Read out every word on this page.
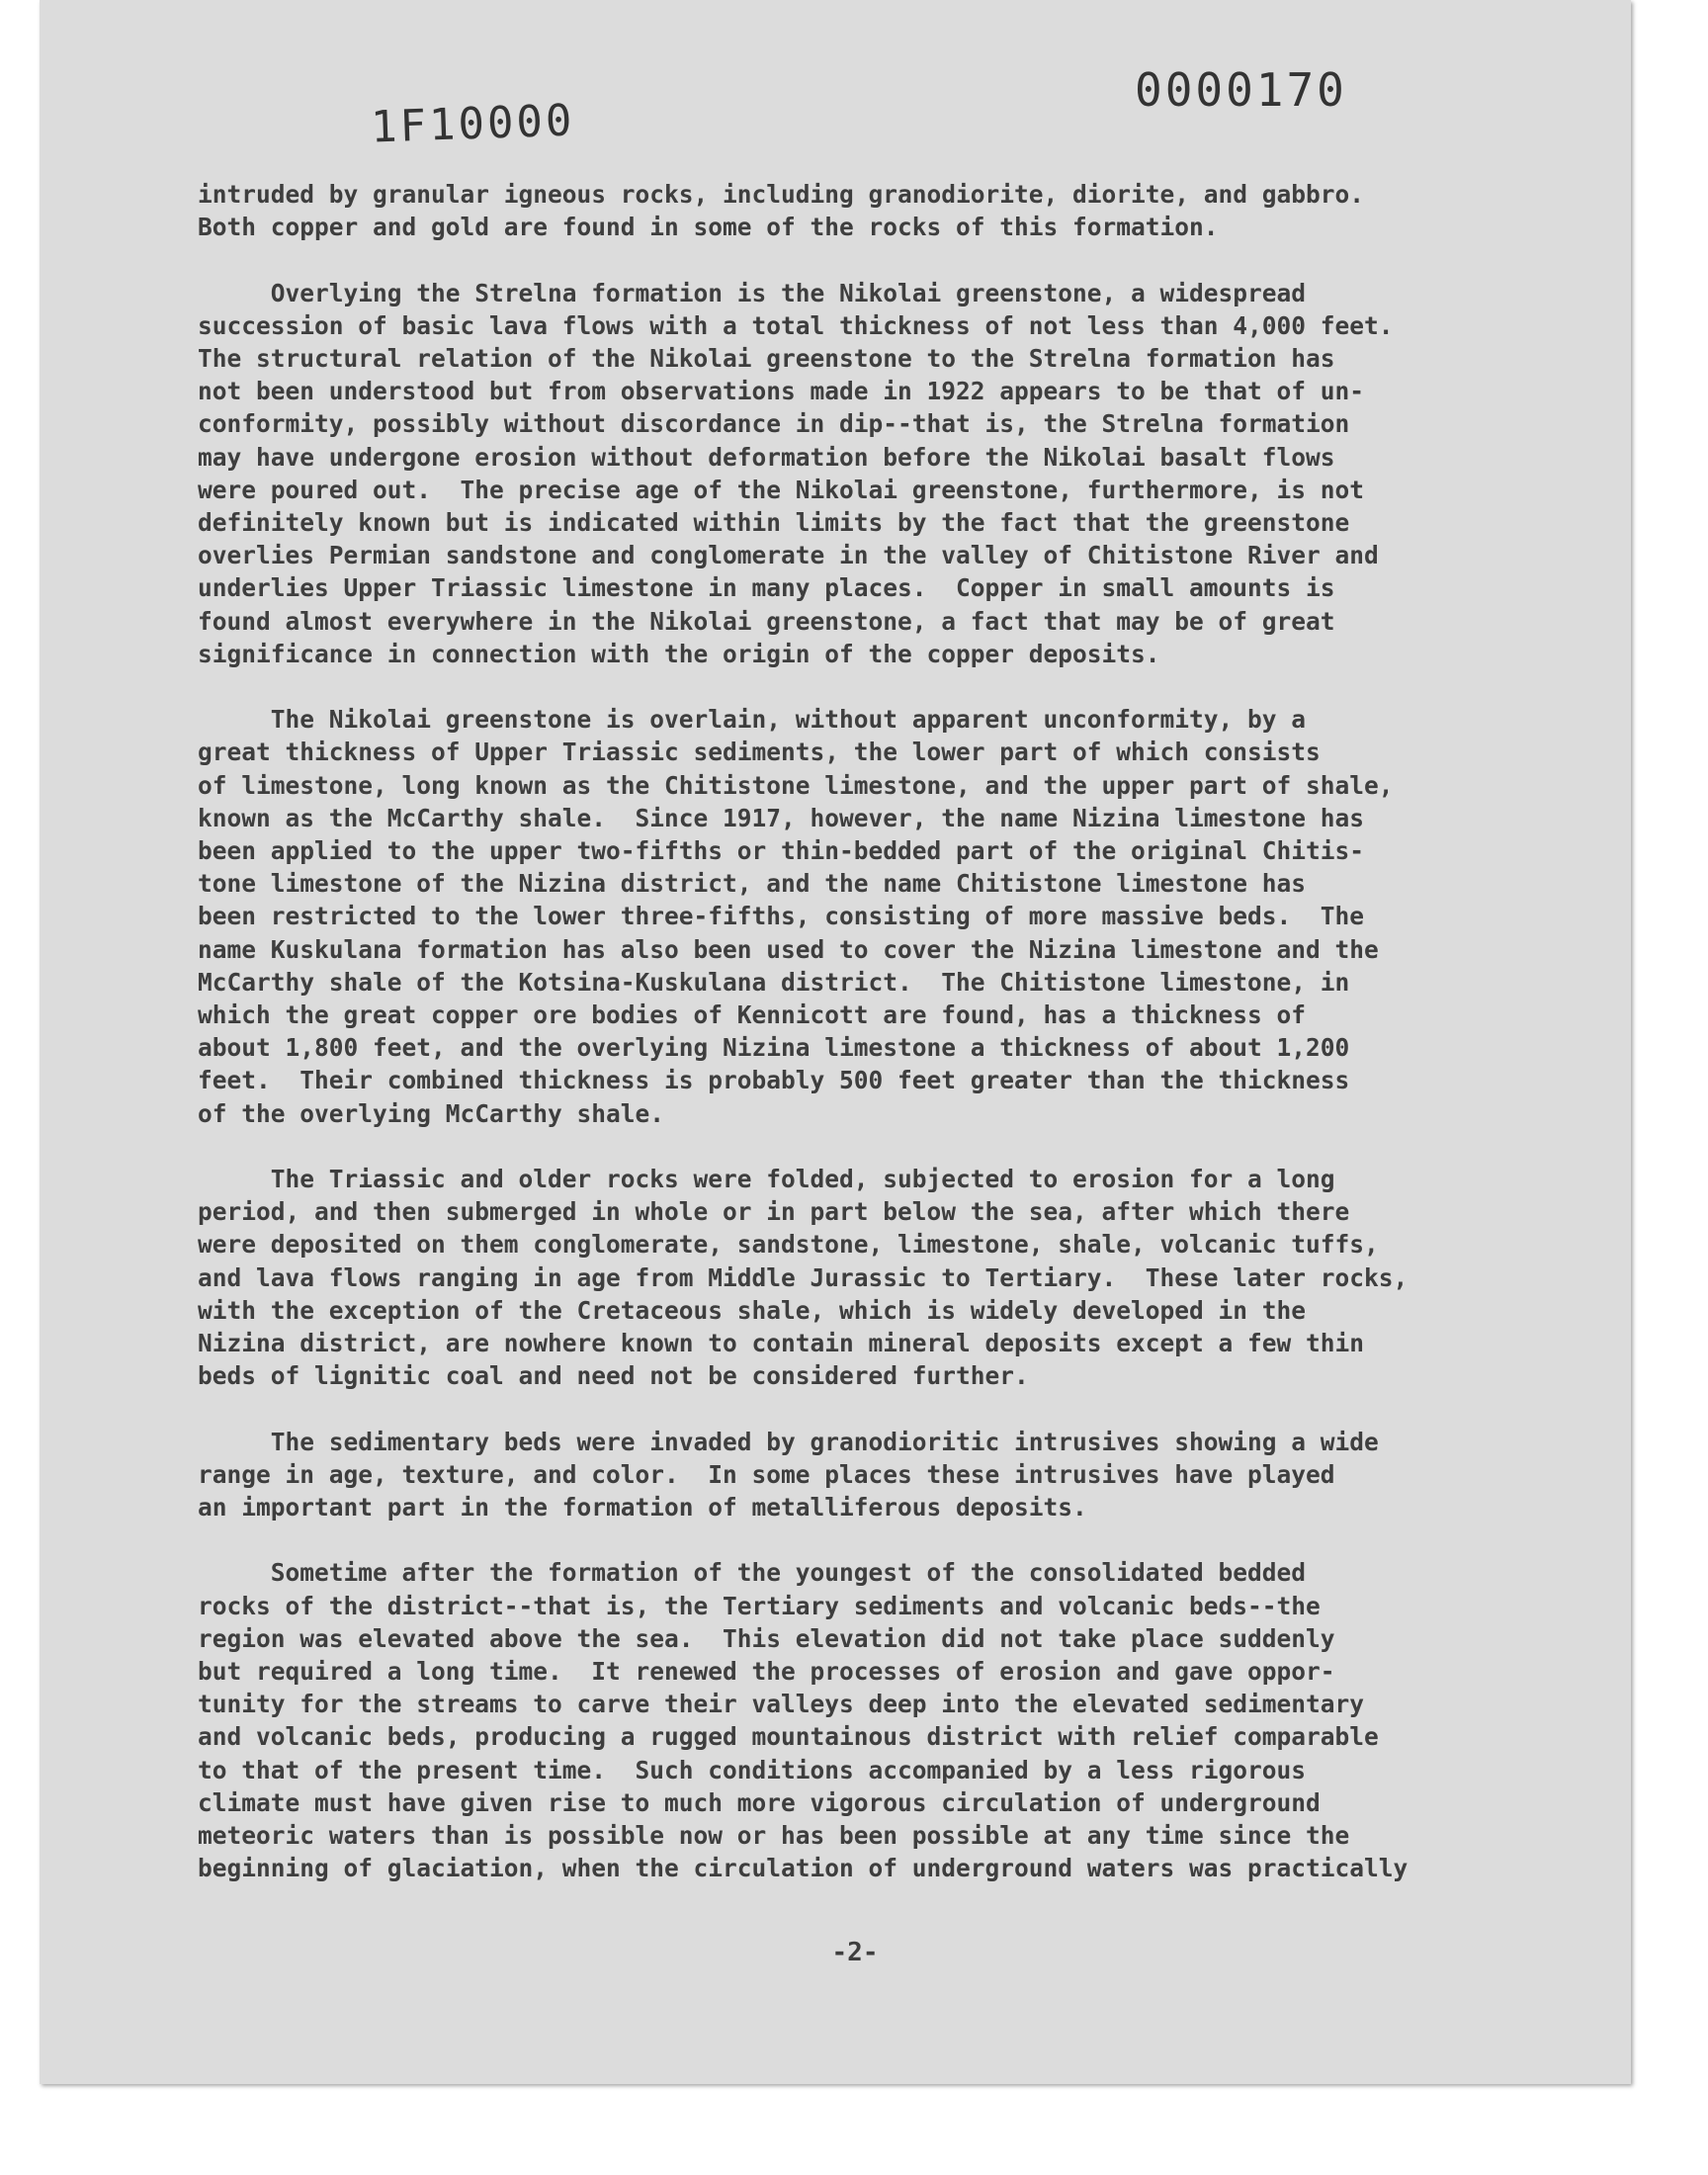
1F10000
0000170
intruded by granular igneous rocks, including granodiorite, diorite, and gabbro.
Both copper and gold are found in some of the rocks of this formation.
Overlying the Strelna formation is the Nikolai greenstone, a widespread
succession of basic lava flows with a total thickness of not less than 4,000 feet.
The structural relation of the Nikolai greenstone to the Strelna formation has
not been understood but from observations made in 1922 appears to be that of un-
conformity, possibly without discordance in dip--that is, the Strelna formation
may have undergone erosion without deformation before the Nikolai basalt flows
were poured out.  The precise age of the Nikolai greenstone, furthermore, is not
definitely known but is indicated within limits by the fact that the greenstone
overlies Permian sandstone and conglomerate in the valley of Chitistone River and
underlies Upper Triassic limestone in many places.  Copper in small amounts is
found almost everywhere in the Nikolai greenstone, a fact that may be of great
significance in connection with the origin of the copper deposits.
The Nikolai greenstone is overlain, without apparent unconformity, by a
great thickness of Upper Triassic sediments, the lower part of which consists
of limestone, long known as the Chitistone limestone, and the upper part of shale,
known as the McCarthy shale.  Since 1917, however, the name Nizina limestone has
been applied to the upper two-fifths or thin-bedded part of the original Chitis-
tone limestone of the Nizina district, and the name Chitistone limestone has
been restricted to the lower three-fifths, consisting of more massive beds.  The
name Kuskulana formation has also been used to cover the Nizina limestone and the
McCarthy shale of the Kotsina-Kuskulana district.  The Chitistone limestone, in
which the great copper ore bodies of Kennicott are found, has a thickness of
about 1,800 feet, and the overlying Nizina limestone a thickness of about 1,200
feet.  Their combined thickness is probably 500 feet greater than the thickness
of the overlying McCarthy shale.
The Triassic and older rocks were folded, subjected to erosion for a long
period, and then submerged in whole or in part below the sea, after which there
were deposited on them conglomerate, sandstone, limestone, shale, volcanic tuffs,
and lava flows ranging in age from Middle Jurassic to Tertiary.  These later rocks,
with the exception of the Cretaceous shale, which is widely developed in the
Nizina district, are nowhere known to contain mineral deposits except a few thin
beds of lignitic coal and need not be considered further.
The sedimentary beds were invaded by granodioritic intrusives showing a wide
range in age, texture, and color.  In some places these intrusives have played
an important part in the formation of metalliferous deposits.
Sometime after the formation of the youngest of the consolidated bedded
rocks of the district--that is, the Tertiary sediments and volcanic beds--the
region was elevated above the sea.  This elevation did not take place suddenly
but required a long time.  It renewed the processes of erosion and gave oppor-
tunity for the streams to carve their valleys deep into the elevated sedimentary
and volcanic beds, producing a rugged mountainous district with relief comparable
to that of the present time.  Such conditions accompanied by a less rigorous
climate must have given rise to much more vigorous circulation of underground
meteoric waters than is possible now or has been possible at any time since the
beginning of glaciation, when the circulation of underground waters was practically
-2-
